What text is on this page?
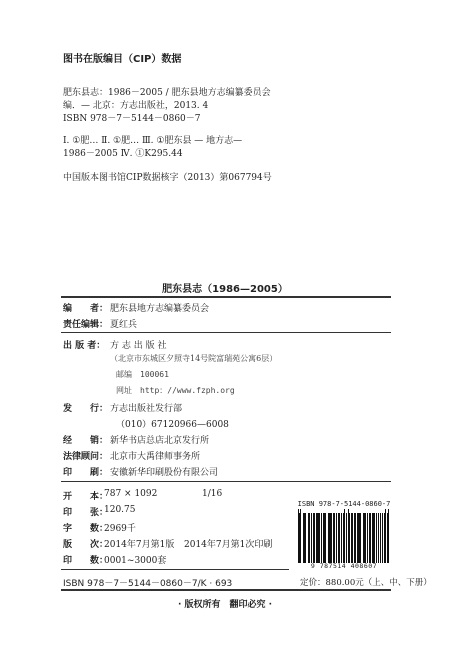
图书在版编目（CIP）数据
肥东县志：1986－2005 / 肥东县地方志编纂委员会
编．— 北京：方志出版社，2013. 4
ISBN 978－7－5144－0860－7
Ⅰ. ①肥… Ⅱ. ①肥… Ⅲ. ①肥东县 — 地方志—
1986－2005 Ⅳ. ①K295.44
中国版本图书馆CIP数据核字（2013）第067794号
肥东县志（1986—2005）
编　　者： 肥东县地方志编纂委员会
责任编辑： 夏红兵
出 版 者： 方 志 出 版 社
（北京市东城区夕照寺14号院富瑞苑公寓6层）
邮编　100061
网址　http：//www.fzph.org
发　　行： 方志出版社发行部
（010）67120966—6008
经　　销： 新华书店总店北京发行所
法律顾问： 北京市大禹律师事务所
印　　刷： 安徽新华印刷股份有限公司
开　　本：
787 × 1092	1/16
印　　张：
120.75
字　　数：
2969千
版　　次：
2014年7月第1版 2014年7月第1次印刷
印　　数：
0001~3000套
ISBN 978－7－5144－0860－7/K · 693	定价：880.00元（上、中、下册）
ISBN 978-7-5144-0860-7
9 787514 408607
· 版权所有　翻印必究 ·
